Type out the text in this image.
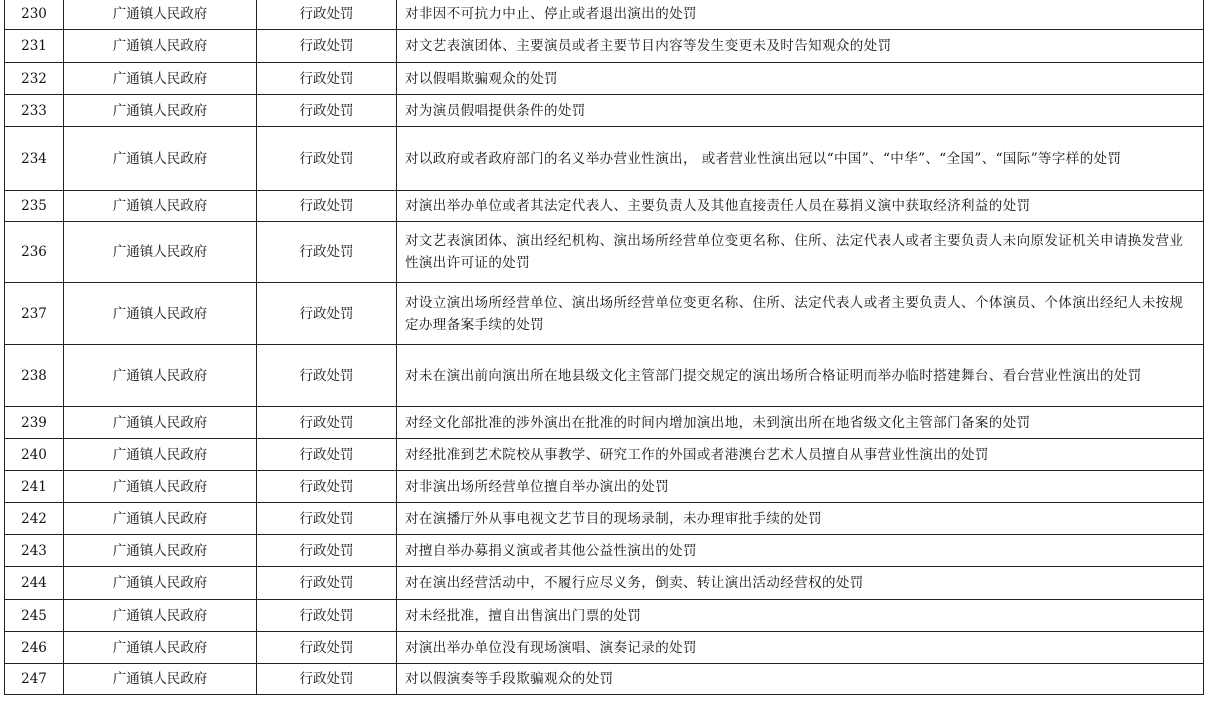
230	广通镇人民政府	行政处罚	对非因不可抗力中止、停止或者退出演出的处罚
231	广通镇人民政府	行政处罚	对文艺表演团体、主要演员或者主要节目内容等发生变更未及时告知观众的处罚
232	广通镇人民政府	行政处罚	对以假唱欺骗观众的处罚
233	广通镇人民政府	行政处罚	对为演员假唱提供条件的处罚
234	广通镇人民政府	行政处罚	对以政府或者政府部门的名义举办营业性演出， 或者营业性演出冠以“中国”、“中华”、“全国”、“国际”等字样的处罚
235	广通镇人民政府	行政处罚	对演出举办单位或者其法定代表人、主要负责人及其他直接责任人员在募捐义演中获取经济利益的处罚
236	广通镇人民政府	行政处罚	对文艺表演团体、演出经纪机构、演出场所经营单位变更名称、住所、法定代表人或者主要负责人未向原发证机关申请换发营业性演出许可证的处罚
237	广通镇人民政府	行政处罚	对设立演出场所经营单位、演出场所经营单位变更名称、住所、法定代表人或者主要负责人、个体演员、个体演出经纪人未按规定办理备案手续的处罚
238	广通镇人民政府	行政处罚	对未在演出前向演出所在地县级文化主管部门提交规定的演出场所合格证明而举办临时搭建舞台、看台营业性演出的处罚
239	广通镇人民政府	行政处罚	对经文化部批准的涉外演出在批准的时间内增加演出地，未到演出所在地省级文化主管部门备案的处罚
240	广通镇人民政府	行政处罚	对经批准到艺术院校从事教学、研究工作的外国或者港澳台艺术人员擅自从事营业性演出的处罚
241	广通镇人民政府	行政处罚	对非演出场所经营单位擅自举办演出的处罚
242	广通镇人民政府	行政处罚	对在演播厅外从事电视文艺节目的现场录制，未办理审批手续的处罚
243	广通镇人民政府	行政处罚	对擅自举办募捐义演或者其他公益性演出的处罚
244	广通镇人民政府	行政处罚	对在演出经营活动中，不履行应尽义务，倒卖、转让演出活动经营权的处罚
245	广通镇人民政府	行政处罚	对未经批准，擅自出售演出门票的处罚
246	广通镇人民政府	行政处罚	对演出举办单位没有现场演唱、演奏记录的处罚
247	广通镇人民政府	行政处罚	对以假演奏等手段欺骗观众的处罚
